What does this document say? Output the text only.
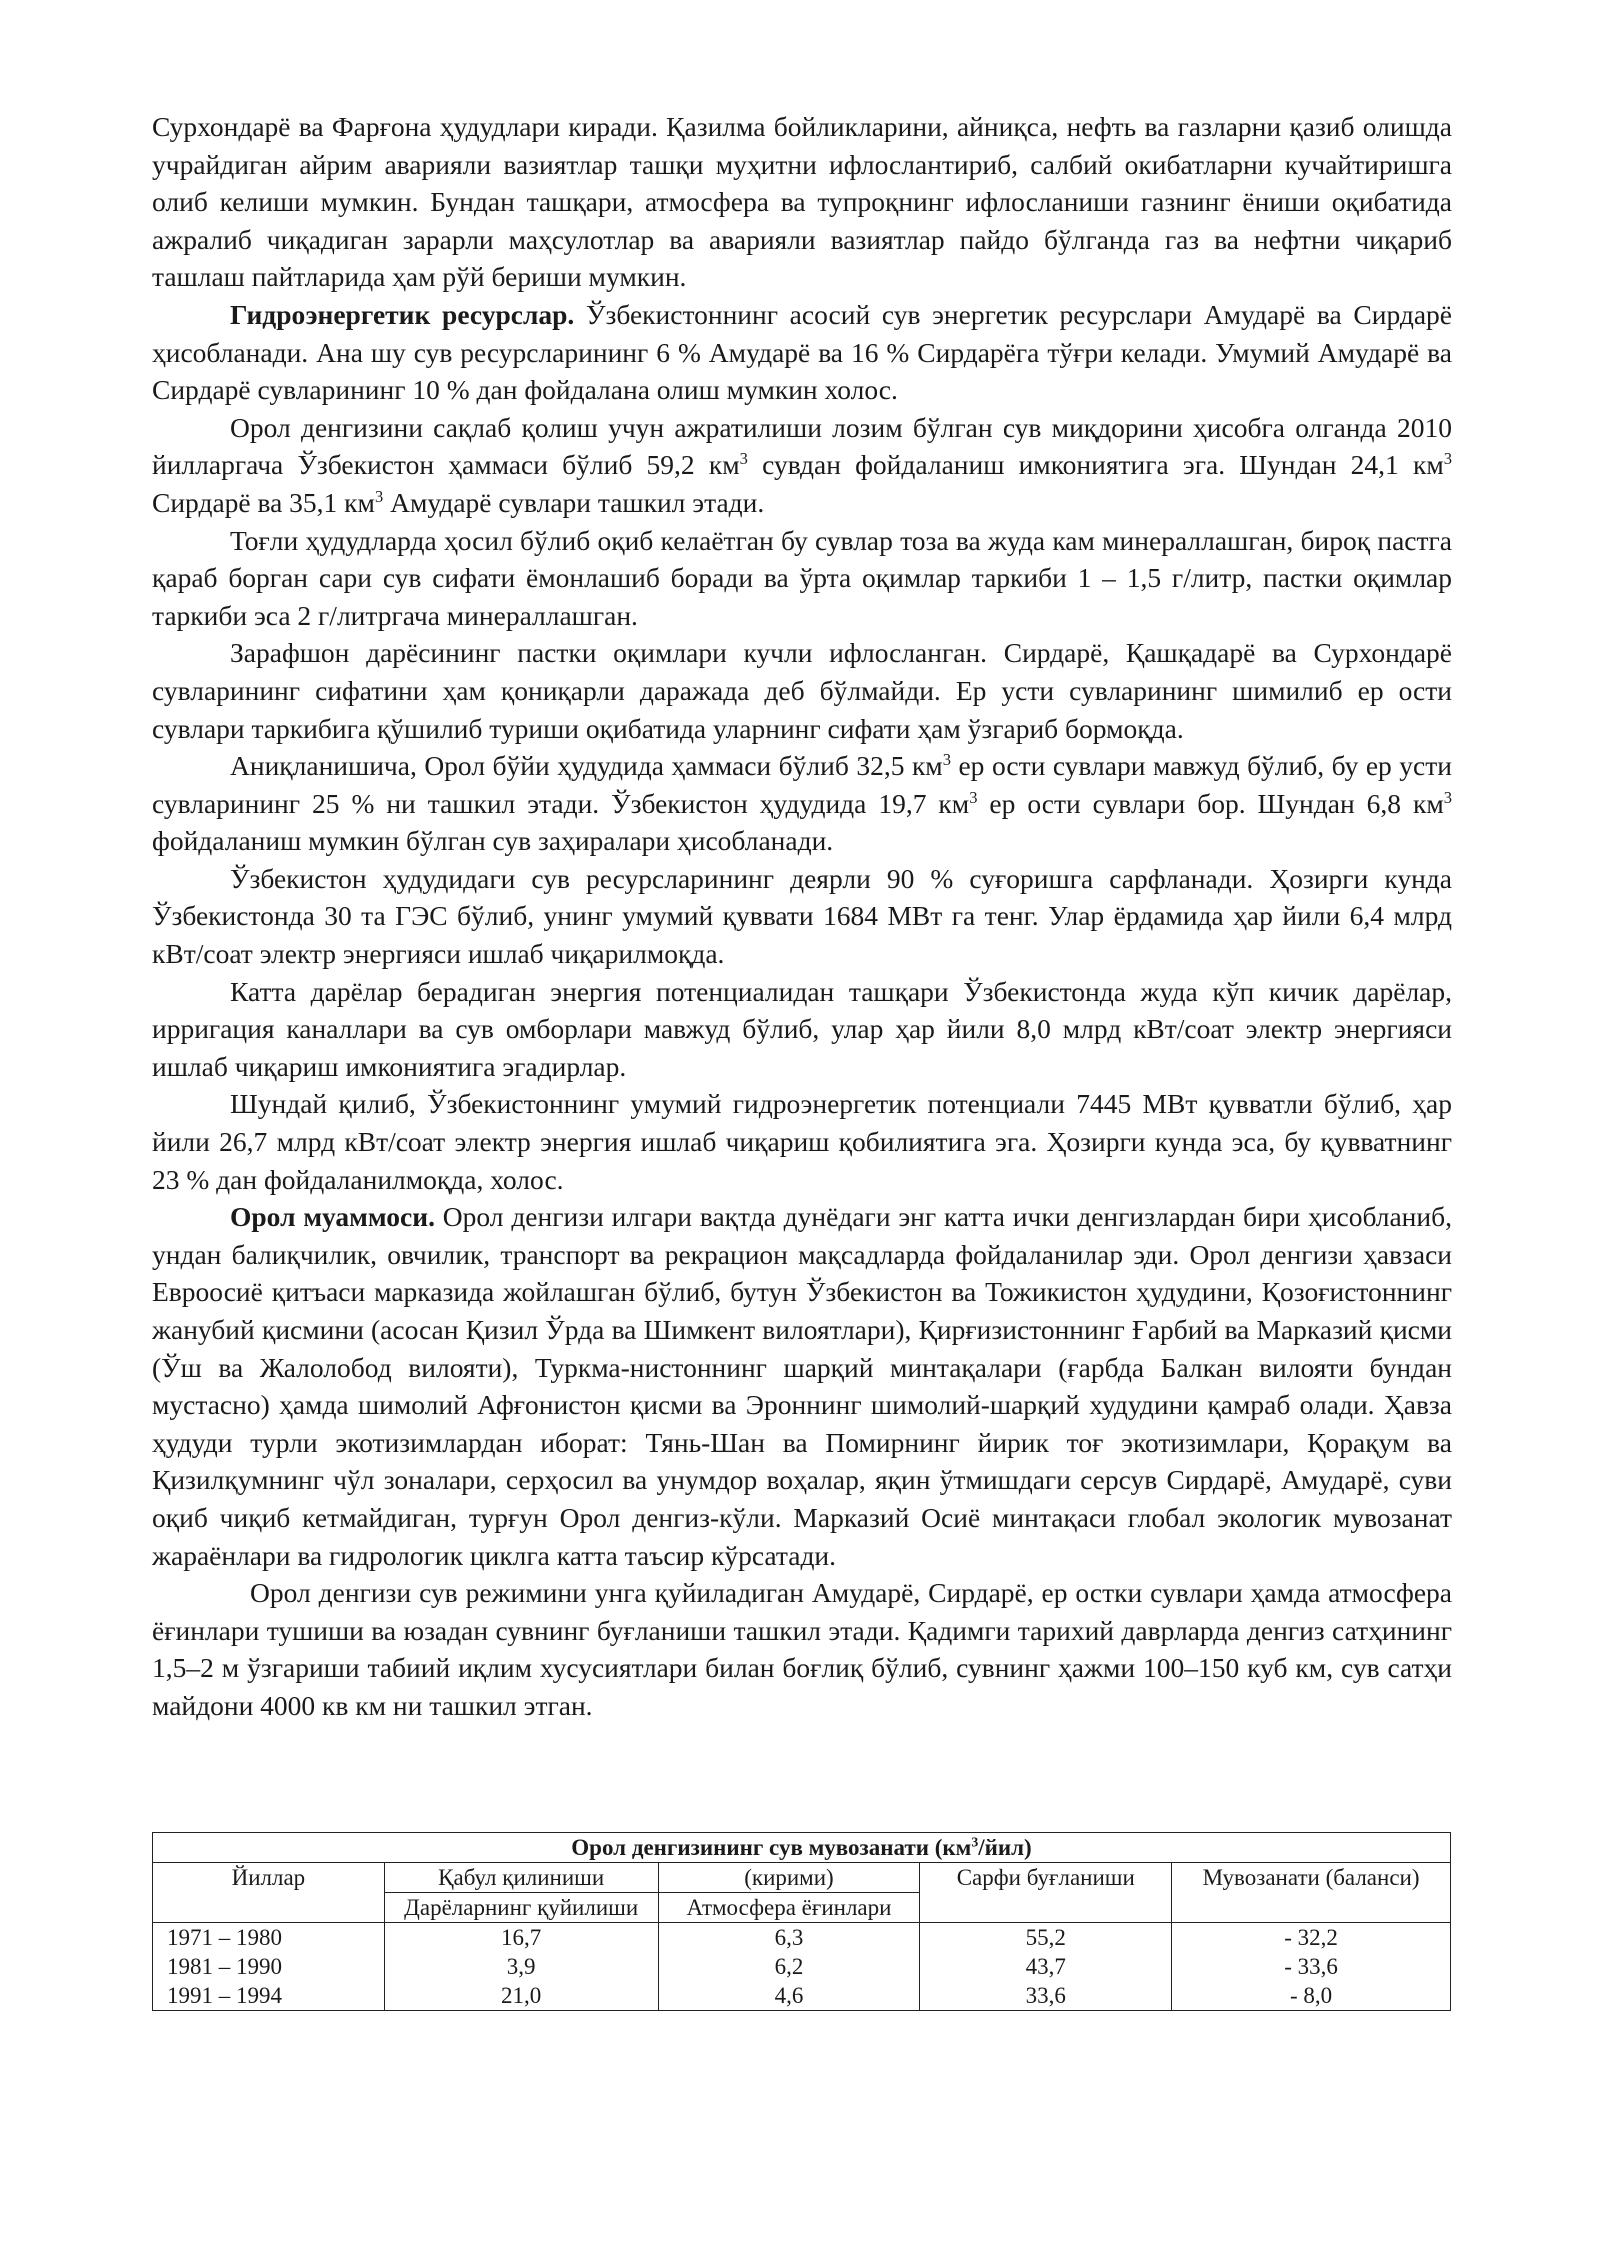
Сурхондарё ва Фарғона ҳудудлари киради. Қазилма бойликларини, айниқса, нефть ва газларни қазиб олишда учрайдиган айрим аварияли вазиятлар ташқи муҳитни ифлослантириб, салбий окибатларни кучайтиришга олиб келиши мумкин. Бундан ташқари, атмосфера ва тупроқнинг ифлосланиши газнинг ёниши оқибатида ажралиб чиқадиган зарарли маҳсулотлар ва аварияли вазиятлар пайдо бўлганда газ ва нефтни чиқариб ташлаш пайтларида ҳам рўй бериши мумкин.

Гидроэнергетик ресурслар. Ўзбекистоннинг асосий сув энергетик ресурслари Амударё ва Сирдарё ҳисобланади. Ана шу сув ресурсларининг 6 % Амударё ва 16 % Сирдарёга тўғри келади. Умумий Амударё ва Сирдарё сувларининг 10 % дан фойдалана олиш мумкин холос.

Орол денгизини сақлаб қолиш учун ажратилиши лозим бўлган сув миқдорини ҳисобга олганда 2010 йилларгача Ўзбекистон ҳаммаси бўлиб 59,2 $км^3$ сувдан фойдаланиш имкониятига эга. Шундан 24,1 $км^3$ Сирдарё ва 35,1 $км^3$ Амударё сувлари ташкил этади.

Тоғли ҳудудларда ҳосил бўлиб оқиб келаётган бу сувлар тоза ва жуда кам минераллашган, бироқ пастга қараб борган сари сув сифати ёмонлашиб боради ва ўрта оқимлар таркиби 1 – 1,5 г/литр, пастки оқимлар таркиби эса 2 г/литргача минераллашган.

Зарафшон дарёсининг пастки оқимлари кучли ифлосланган. Сирдарё, Қашқадарё ва Сурхондарё сувларининг сифатини ҳам қониқарли даражада деб бўлмайди. Ер усти сувларининг шимилиб ер ости сувлари таркибига қўшилиб туриши оқибатида уларнинг сифати ҳам ўзгариб бормоқда.

Аниқланишича, Орол бўйи ҳудудида ҳаммаси бўлиб 32,5 $км^3$ ер ости сувлари мавжуд бўлиб, бу ер усти сувларининг 25 % ни ташкил этади. Ўзбекистон ҳудудида 19,7 $км^3$ ер ости сувлари бор. Шундан 6,8 $км^3$ фойдаланиш мумкин бўлган сув заҳиралари ҳисобланади.

Ўзбекистон ҳудудидаги сув ресурсларининг деярли 90 % суғоришга сарфланади. Ҳозирги кунда Ўзбекистонда 30 та ГЭС бўлиб, унинг умумий қуввати 1684 МВт га тенг. Улар ёрдамида ҳар йили 6,4 млрд кВт/соат электр энергияси ишлаб чиқарилмоқда.

Катта дарёлар берадиган энергия потенциалидан ташқари Ўзбекистонда жуда кўп кичик дарёлар, ирригация каналлари ва сув омборлари мавжуд бўлиб, улар ҳар йили 8,0 млрд кВт/соат электр энергияси ишлаб чиқариш имкониятига эгадирлар.

Шундай қилиб, Ўзбекистоннинг умумий гидроэнергетик потенциали 7445 МВт қувватли бўлиб, ҳар йили 26,7 млрд кВт/соат электр энергия ишлаб чиқариш қобилиятига эга. Ҳозирги кунда эса, бу қувватнинг 23 % дан фойдаланилмоқда, холос.

Орол муаммоси. Орол денгизи илгари вақтда дунёдаги энг катта ички денгизлардан бири ҳисобланиб, ундан балиқчилик, овчилик, транспорт ва рекрацион мақсадларда фойдаланилар эди. Орол денгизи ҳавзаси Евроосиё қитъаси марказида жойлашган бўлиб, бутун Ўзбекистон ва Тожикистон ҳудудини, Қозоғистоннинг жанубий қисмини (асосан Қизил Ўрда ва Шимкент вилоятлари), Қирғизистоннинг Ғарбий ва Марказий қисми (Ўш ва Жалолобод вилояти), Туркма-нистоннинг шарқий минтақалари (ғарбда Балкан вилояти бундан мустасно) ҳамда шимолий Афғонистон қисми ва Эроннинг шимолий-шарқий худудини қамраб олади. Ҳавза ҳудуди турли экотизимлардан иборат: Тянь-Шан ва Помирнинг йирик тоғ экотизимлари, Қорақум ва Қизилқумнинг чўл зоналари, серҳосил ва унумдор воҳалар, яқин ўтмишдаги серсув Сирдарё, Амударё, суви оқиб чиқиб кетмайдиган, турғун Орол денгиз-кўли. Марказий Осиё минтақаси глобал экологик мувозанат жараёнлари ва гидрологик циклга катта таъсир кўрсатади.

Орол денгизи сув режимини унга қуйиладиган Амударё, Сирдарё, ер остки сувлари ҳамда атмосфера ёғинлари тушиши ва юзадан сувнинг буғланиши ташкил этади. Қадимги тарихий даврларда денгиз сатҳининг 1,5–2 м ўзгариши табиий иқлим хусусиятлари билан боғлиқ бўлиб, сувнинг ҳажми 100–150 куб км, сув сатҳи майдони 4000 кв км ни ташкил этган.

Орол денгизининг сув мувозанати $(км^3/йил)$				
Йиллар	Қабул қилиниши	(кирими)	Сарфи буғланиши	Мувозанати (баланси)
	Дарёларнинг қуйилиши	Атмосфера ёғинлари		
1971 – 1980	16,7	6,3	55,2	- 32,2
1981 – 1990	3,9	6,2	43,7	- 33,6
1991 – 1994	21,0	4,6	33,6	- 8,0
